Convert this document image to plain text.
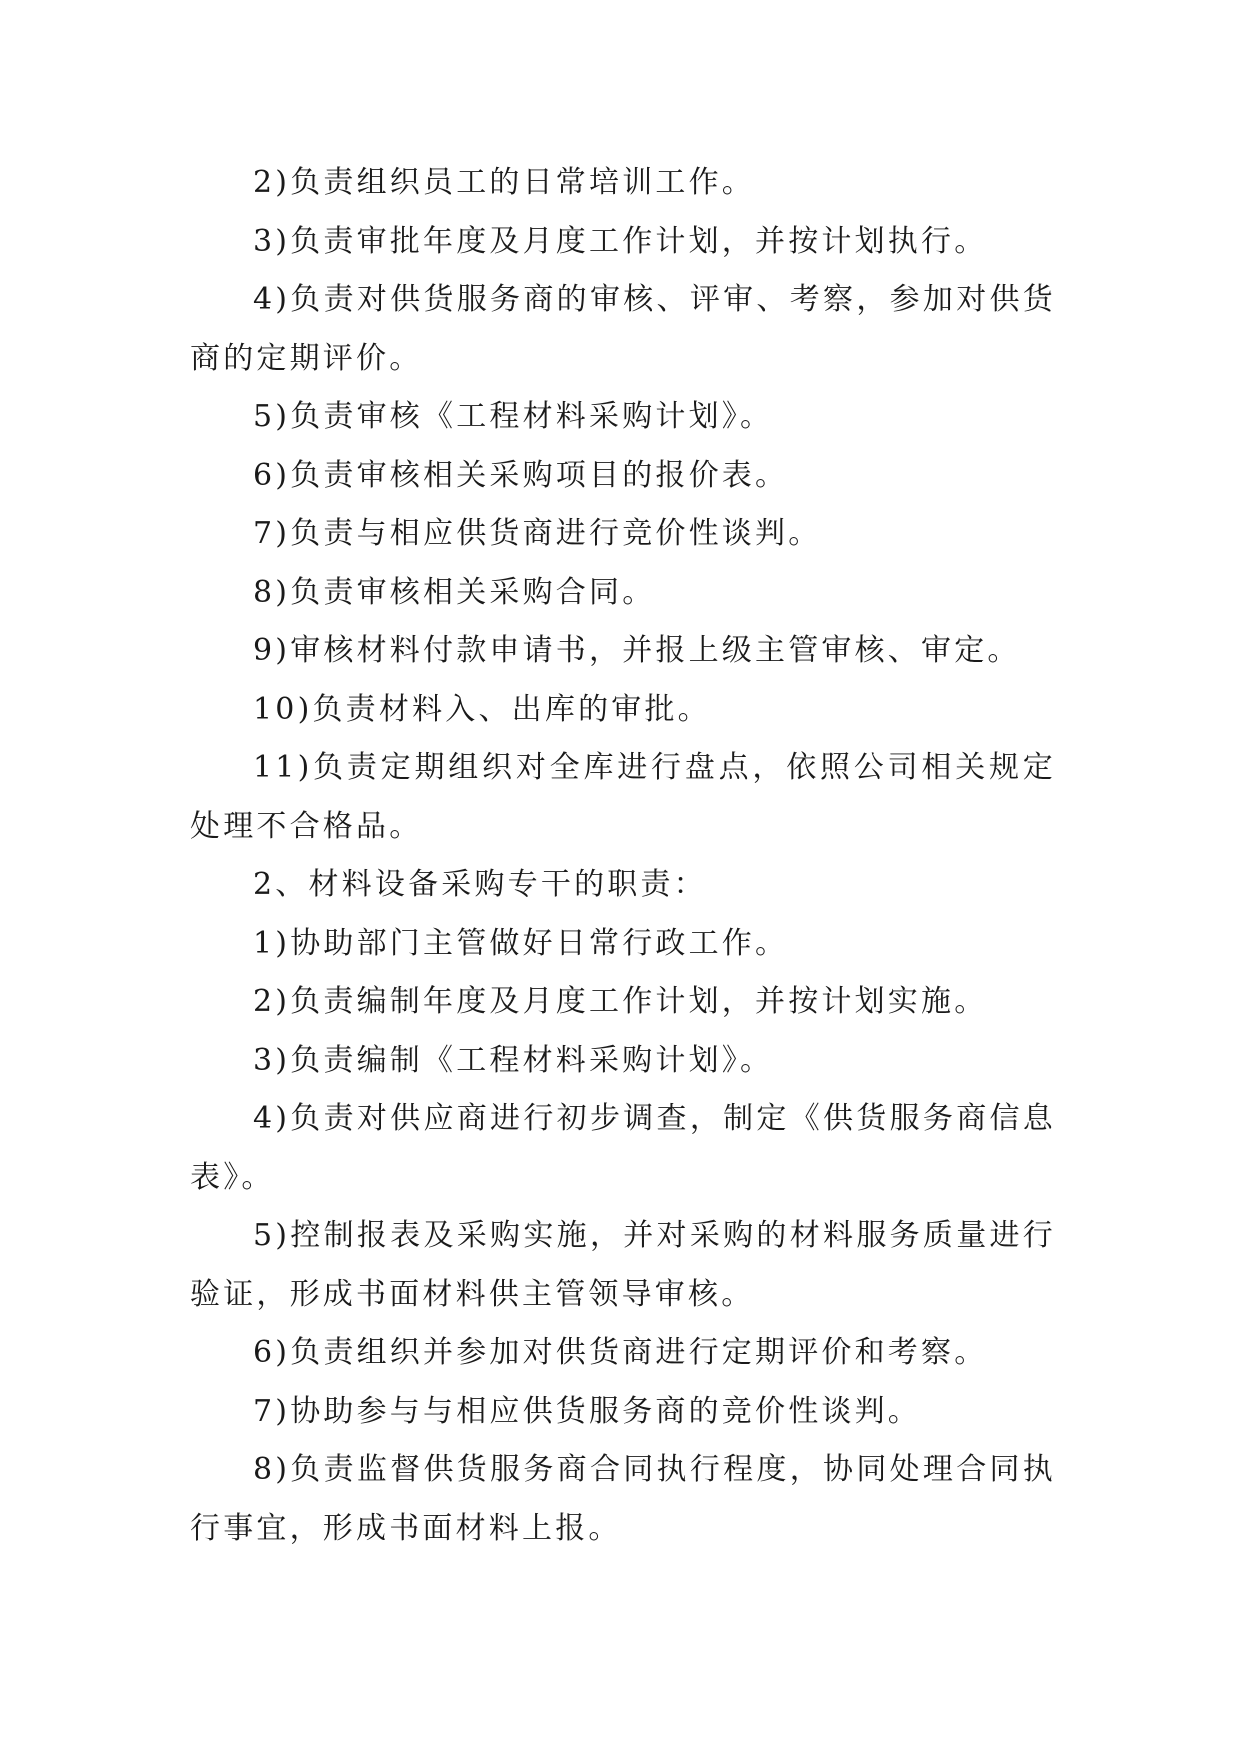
2)负责组织员工的日常培训工作。

3)负责审批年度及月度工作计划，并按计划执行。

4)负责对供货服务商的审核、评审、考察，参加对供货商的定期评价。

5)负责审核《工程材料采购计划》。

6)负责审核相关采购项目的报价表。

7)负责与相应供货商进行竞价性谈判。

8)负责审核相关采购合同。

9)审核材料付款申请书，并报上级主管审核、审定。

10)负责材料入、出库的审批。

11)负责定期组织对全库进行盘点，依照公司相关规定处理不合格品。

2、材料设备采购专干的职责：

1)协助部门主管做好日常行政工作。

2)负责编制年度及月度工作计划，并按计划实施。

3)负责编制《工程材料采购计划》。

4)负责对供应商进行初步调查，制定《供货服务商信息表》。

5)控制报表及采购实施，并对采购的材料服务质量进行验证，形成书面材料供主管领导审核。

6)负责组织并参加对供货商进行定期评价和考察。

7)协助参与与相应供货服务商的竞价性谈判。

8)负责监督供货服务商合同执行程度，协同处理合同执行事宜，形成书面材料上报。
